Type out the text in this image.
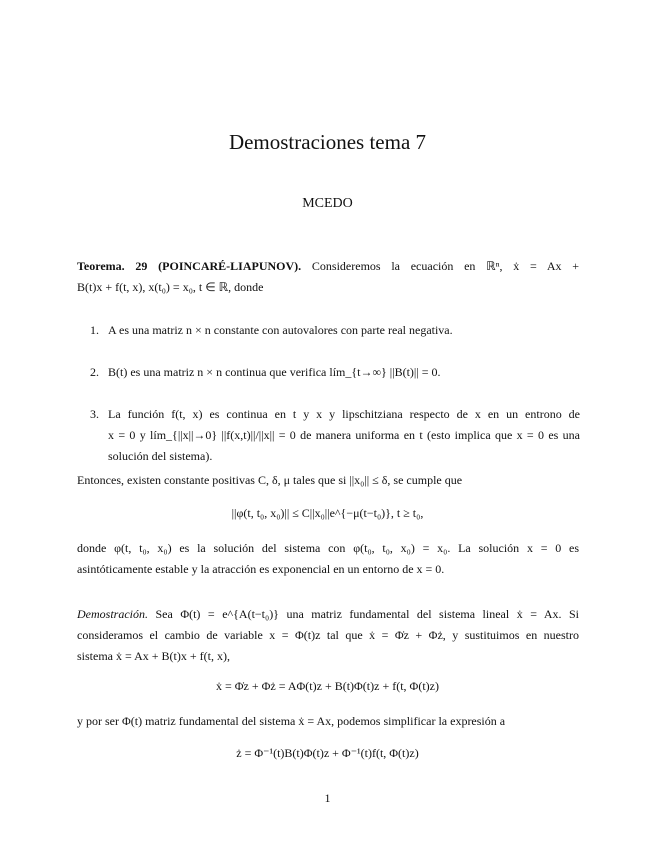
Demostraciones tema 7
MCEDO
Teorema. 29 (POINCARÉ-LIAPUNOV). Consideremos la ecuación en ℝⁿ, ẋ = Ax +
B(t)x + f(t, x), x(t₀) = x₀, t ∈ ℝ, donde
1. A es una matriz n × n constante con autovalores con parte real negativa.
2. B(t) es una matriz n × n continua que verifica lím_{t→∞} ||B(t)|| = 0.
3. La función f(t, x) es continua en t y x y lipschitziana respecto de x en un entrono de
x = 0 y lím_{||x||→0} ||f(x,t)||/||x|| = 0 de manera uniforma en t (esto implica que x = 0 es una
solución del sistema).
Entonces, existen constante positivas C, δ, μ tales que si ||x₀|| ≤ δ, se cumple que
||φ(t, t₀, x₀)|| ≤ C||x₀||e^{−μ(t−t₀)}, t ≥ t₀,
donde φ(t, t₀, x₀) es la solución del sistema con φ(t₀, t₀, x₀) = x₀. La solución x = 0 es
asintóticamente estable y la atracción es exponencial en un entorno de x = 0.
Demostración. Sea Φ(t) = e^{A(t−t₀)} una matriz fundamental del sistema lineal ẋ = Ax. Si
consideramos el cambio de variable x = Φ(t)z tal que ẋ = Φ̇z + Φż, y sustituimos en nuestro
sistema ẋ = Ax + B(t)x + f(t, x),
ẋ = Φ̇z + Φż = AΦ(t)z + B(t)Φ(t)z + f(t, Φ(t)z)
y por ser Φ(t) matriz fundamental del sistema ẋ = Ax, podemos simplificar la expresión a
ż = Φ⁻¹(t)B(t)Φ(t)z + Φ⁻¹(t)f(t, Φ(t)z)
1
